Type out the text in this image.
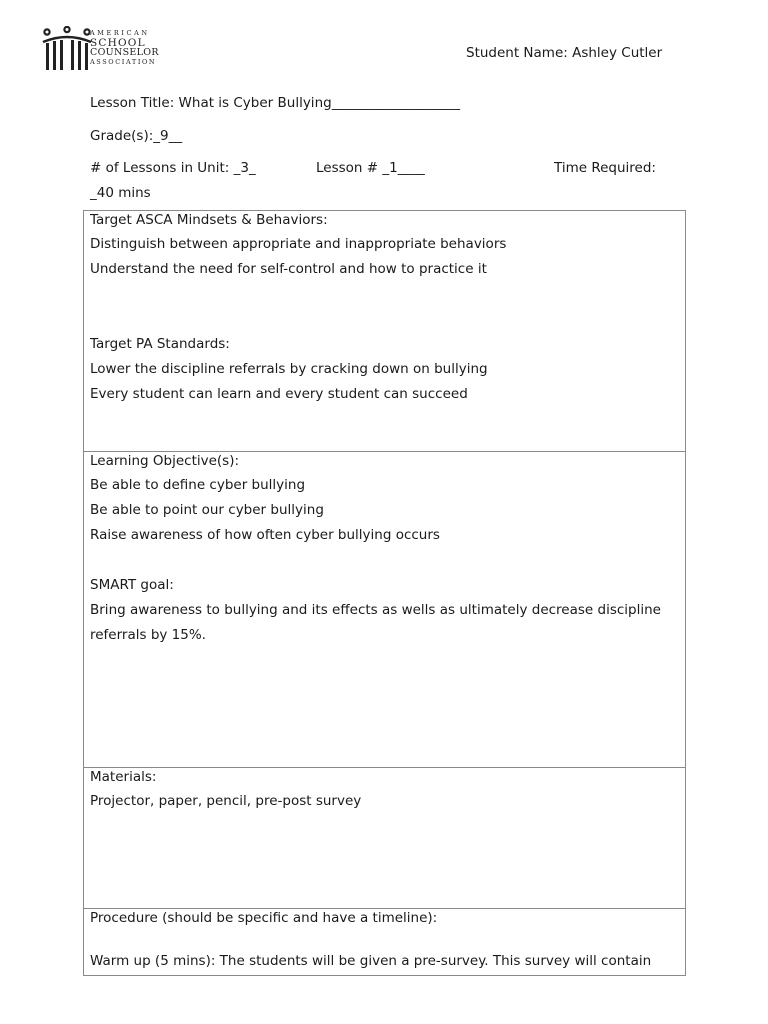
AMERICAN
SCHOOL
COUNSELOR
ASSOCIATION
Student Name: Ashley Cutler
Lesson Title: What is Cyber Bullying___________________
Grade(s):_9__
# of Lessons in Unit: _3_	Lesson # _1____	Time Required:
_40 mins

Target ASCA Mindsets & Behaviors:

Distinguish between appropriate and inappropriate behaviors

Understand the need for self-control and how to practice it

Target PA Standards:

Lower the discipline referrals by cracking down on bullying

Every student can learn and every student can succeed

Learning Objective(s):

Be able to define cyber bullying

Be able to point our cyber bullying

Raise awareness of how often cyber bullying occurs

SMART goal:

Bring awareness to bullying and its effects as wells as ultimately decrease discipline referrals by 15%.

Materials:

Projector, paper, pencil, pre-post survey

Procedure (should be specific and have a timeline):

Warm up (5 mins): The students will be given a pre-survey. This survey will contain
